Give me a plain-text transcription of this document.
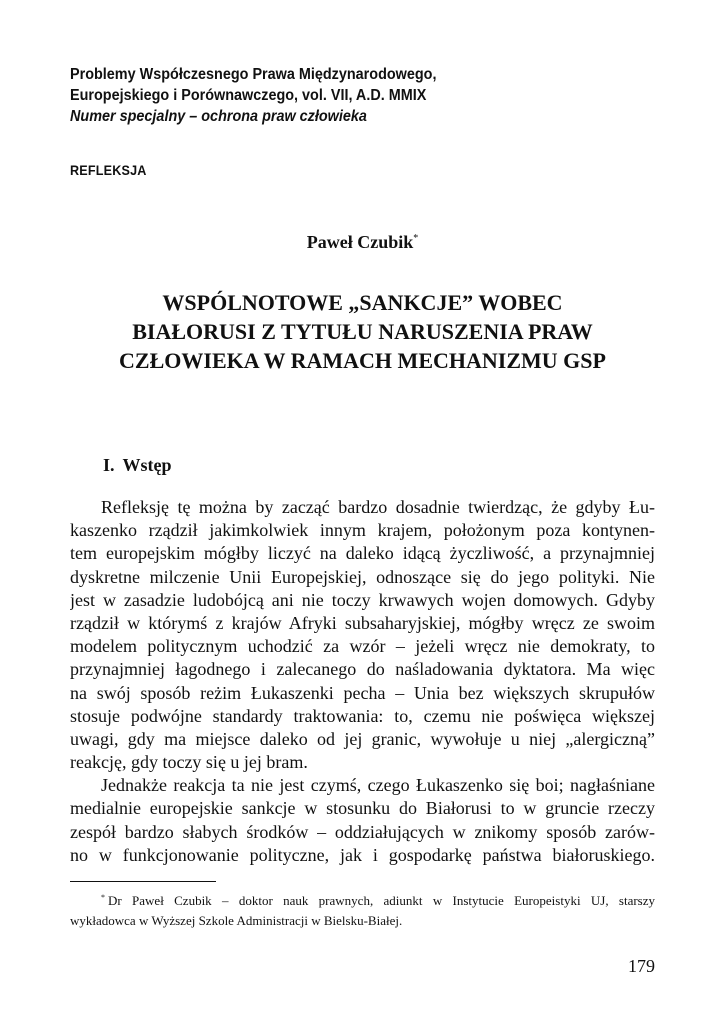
Problemy Współczesnego Prawa Międzynarodowego,
Europejskiego i Porównawczego, vol. VII, A.D. MMIX
Numer specjalny – ochrona praw człowieka
REFLEKSJA
Paweł Czubik*
WSPÓLNOTOWE „SANKCJE” WOBEC
BIAŁORUSI Z TYTUŁU NARUSZENIA PRAW
CZŁOWIEKA W RAMACH MECHANIZMU GSP
I. Wstęp
Refleksję tę można by zacząć bardzo dosadnie twierdząc, że gdyby Łu-
kaszenko rządził jakimkolwiek innym krajem, położonym poza kontynen-
tem europejskim mógłby liczyć na daleko idącą życzliwość, a przynajmniej
dyskretne milczenie Unii Europejskiej, odnoszące się do jego polityki. Nie
jest w zasadzie ludobójcą ani nie toczy krwawych wojen domowych. Gdyby
rządził w którymś z krajów Afryki subsaharyjskiej, mógłby wręcz ze swoim
modelem politycznym uchodzić za wzór – jeżeli wręcz nie demokraty, to
przynajmniej łagodnego i zalecanego do naśladowania dyktatora. Ma więc
na swój sposób reżim Łukaszenki pecha – Unia bez większych skrupułów
stosuje podwójne standardy traktowania: to, czemu nie poświęca większej
uwagi, gdy ma miejsce daleko od jej granic, wywołuje u niej „alergiczną”
reakcję, gdy toczy się u jej bram.
Jednakże reakcja ta nie jest czymś, czego Łukaszenko się boi; nagłaśniane
medialnie europejskie sankcje w stosunku do Białorusi to w gruncie rzeczy
zespół bardzo słabych środków – oddziałujących w znikomy sposób zarów-
no w funkcjonowanie polityczne, jak i gospodarkę państwa białoruskiego.
* Dr Paweł Czubik – doktor nauk prawnych, adiunkt w Instytucie Europeistyki UJ, starszy
wykładowca w Wyższej Szkole Administracji w Bielsku-Białej.
179
